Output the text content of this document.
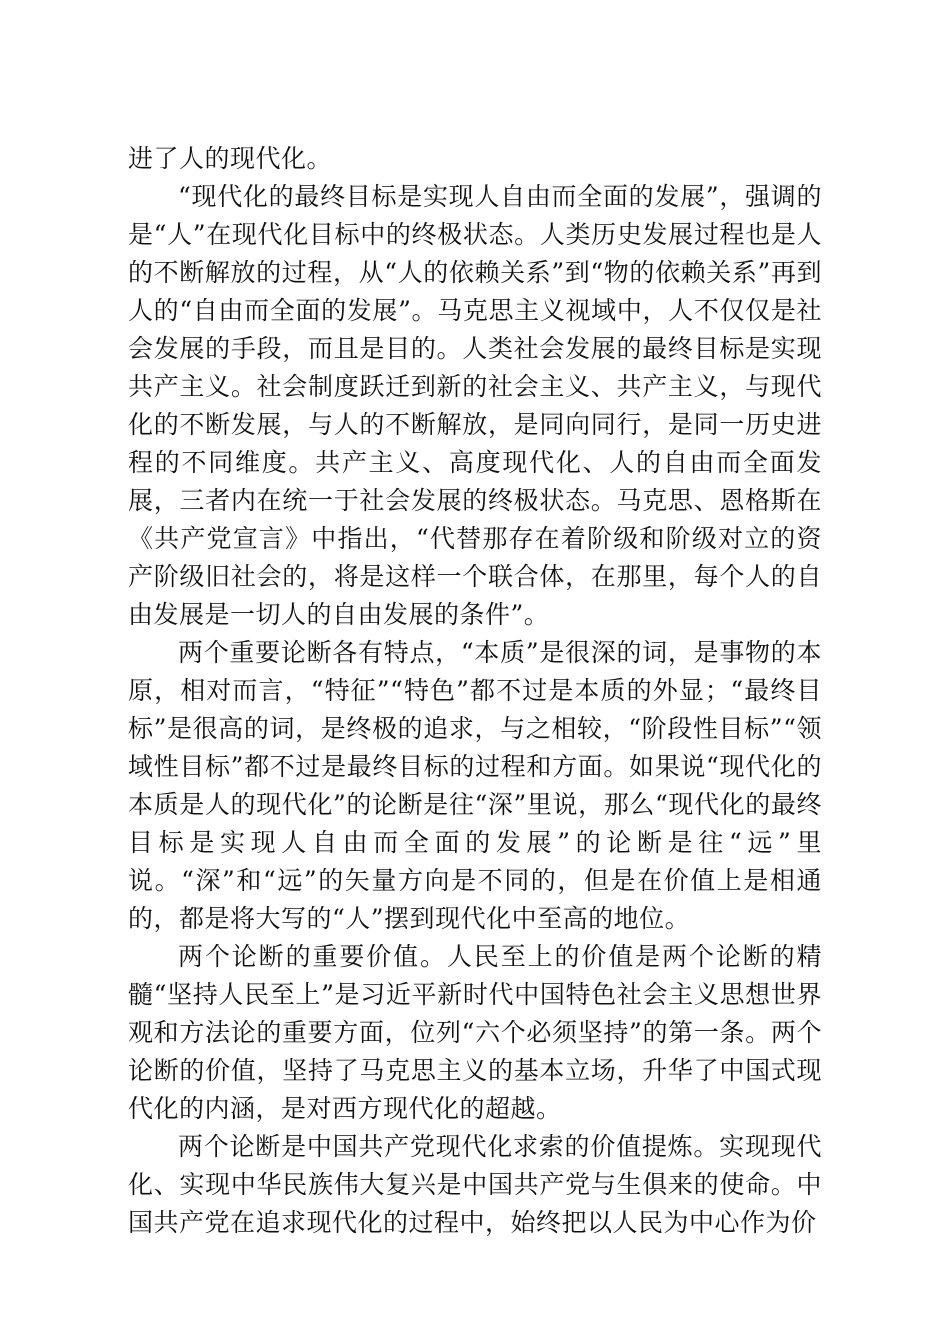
进了人的现代化。

“现代化的最终目标是实现人自由而全面的发展”，强调的是“人”在现代化目标中的终极状态。人类历史发展过程也是人的不断解放的过程，从“人的依赖关系”到“物的依赖关系”再到人的“自由而全面的发展”。马克思主义视域中，人不仅仅是社会发展的手段，而且是目的。人类社会发展的最终目标是实现共产主义。社会制度跃迁到新的社会主义、共产主义，与现代化的不断发展，与人的不断解放，是同向同行，是同一历史进程的不同维度。共产主义、高度现代化、人的自由而全面发展，三者内在统一于社会发展的终极状态。马克思、恩格斯在《共产党宣言》中指出，“代替那存在着阶级和阶级对立的资产阶级旧社会的，将是这样一个联合体，在那里，每个人的自由发展是一切人的自由发展的条件”。

两个重要论断各有特点，“本质”是很深的词，是事物的本原，相对而言，“特征”“特色”都不过是本质的外显；“最终目标”是很高的词，是终极的追求，与之相较，“阶段性目标”“领域性目标”都不过是最终目标的过程和方面。如果说“现代化的本质是人的现代化”的论断是往“深”里说，那么“现代化的最终目标是实现人自由而全面的发展”的论断是往“远”里说。“深”和“远”的矢量方向是不同的，但是在价值上是相通的，都是将大写的“人”摆到现代化中至高的地位。

两个论断的重要价值。人民至上的价值是两个论断的精髓“坚持人民至上”是习近平新时代中国特色社会主义思想世界观和方法论的重要方面，位列“六个必须坚持”的第一条。两个论断的价值，坚持了马克思主义的基本立场，升华了中国式现代化的内涵，是对西方现代化的超越。

两个论断是中国共产党现代化求索的价值提炼。实现现代化、实现中华民族伟大复兴是中国共产党与生俱来的使命。中国共产党在追求现代化的过程中，始终把以人民为中心作为价
